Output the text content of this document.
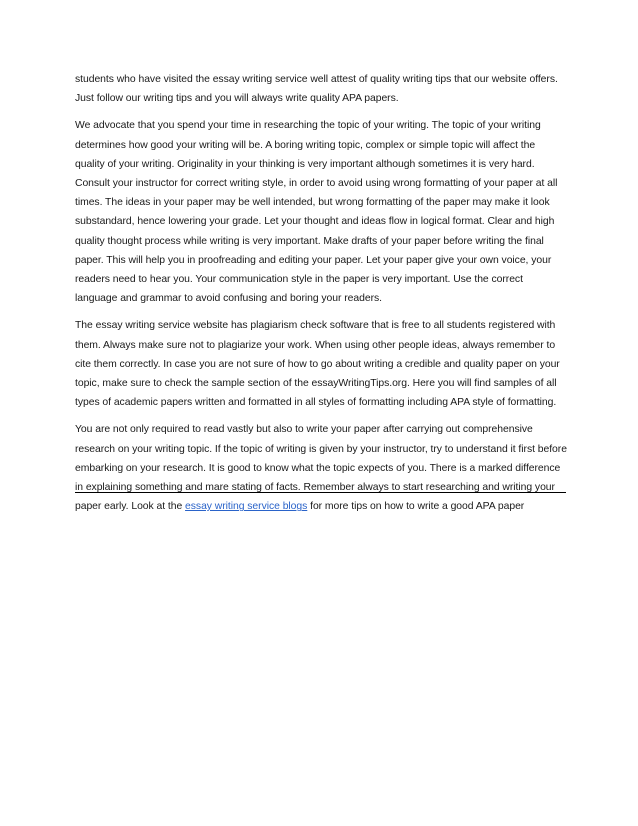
students who have visited the essay writing service well attest of quality writing tips that our website offers. Just follow our writing tips and you will always write quality APA papers.

We advocate that you spend your time in researching the topic of your writing. The topic of your writing determines how good your writing will be. A boring writing topic, complex or simple topic will affect the quality of your writing. Originality in your thinking is very important although sometimes it is very hard. Consult your instructor for correct writing style, in order to avoid using wrong formatting of your paper at all times. The ideas in your paper may be well intended, but wrong formatting of the paper may make it look substandard, hence lowering your grade. Let your thought and ideas flow in logical format. Clear and high quality thought process while writing is very important. Make drafts of your paper before writing the final paper. This will help you in proofreading and editing your paper. Let your paper give your own voice, your readers need to hear you. Your communication style in the paper is very important. Use the correct language and grammar to avoid confusing and boring your readers.

The essay writing service website has plagiarism check software that is free to all students registered with them. Always make sure not to plagiarize your work. When using other people ideas, always remember to cite them correctly. In case you are not sure of how to go about writing a credible and quality paper on your topic, make sure to check the sample section of the essayWritingTips.org. Here you will find samples of all types of academic papers written and formatted in all styles of formatting including APA style of formatting.

You are not only required to read vastly but also to write your paper after carrying out comprehensive research on your writing topic. If the topic of writing is given by your instructor, try to understand it first before embarking on your research. It is good to know what the topic expects of you. There is a marked difference in explaining something and mare stating of facts. Remember always to start researching and writing your paper early. Look at the essay writing service blogs for more tips on how to write a good APA paper
